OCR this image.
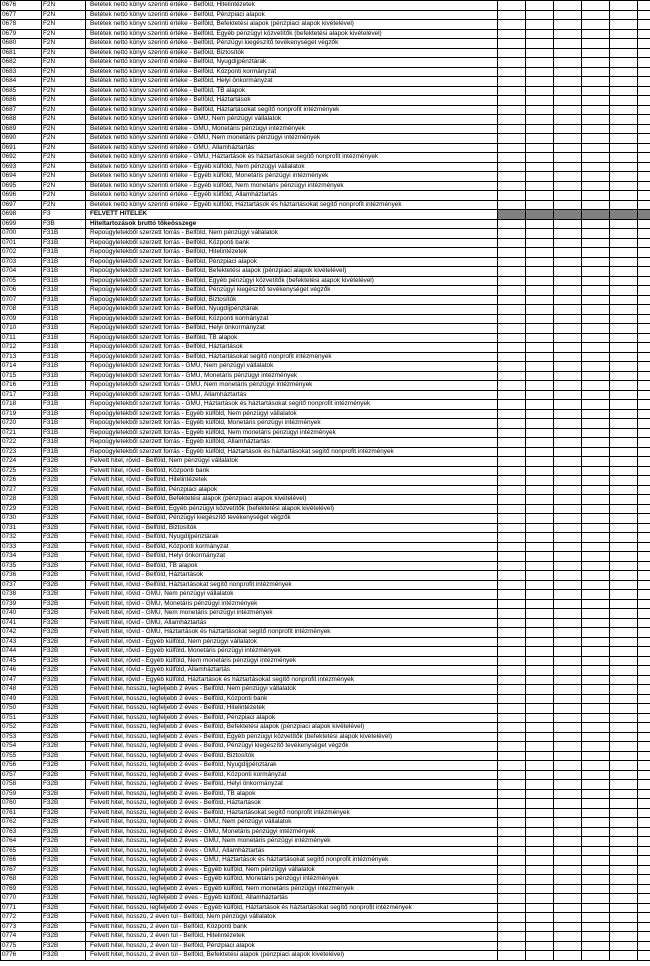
0676	F2N	Betétek nettó könyv szerinti értéke - Belföld, Hitelintézetek						
0677	F2N	Betétek nettó könyv szerinti értéke - Belföld, Pénzpiaci alapok						
0678	F2N	Betétek nettó könyv szerinti értéke - Belföld, Befektetési alapok (pénzpiaci alapok kivételével)						
0679	F2N	Betétek nettó könyv szerinti értéke - Belföld, Egyéb pénzügyi közvetítők (befektetési alapok kivételével)						
0680	F2N	Betétek nettó könyv szerinti értéke - Belföld, Pénzügyi kiegészítő tevékenységet végzők						
0681	F2N	Betétek nettó könyv szerinti értéke - Belföld, Biztosítók						
0682	F2N	Betétek nettó könyv szerinti értéke - Belföld, Nyugdíjpénztárak						
0683	F2N	Betétek nettó könyv szerinti értéke - Belföld, Központi kormányzat						
0684	F2N	Betétek nettó könyv szerinti értéke - Belföld, Helyi önkormányzat						
0685	F2N	Betétek nettó könyv szerinti értéke - Belföld, TB alapok						
0686	F2N	Betétek nettó könyv szerinti értéke - Belföld, Háztartások						
0687	F2N	Betétek nettó könyv szerinti értéke - Belföld, Háztartásokat segítő nonprofit intézmények						
0688	F2N	Betétek nettó könyv szerinti értéke - GMU, Nem pénzügyi vállalatok						
0689	F2N	Betétek nettó könyv szerinti értéke - GMU, Monetáris pénzügyi intézmények						
0690	F2N	Betétek nettó könyv szerinti értéke - GMU, Nem monetáris pénzügyi intézmények						
0691	F2N	Betétek nettó könyv szerinti értéke - GMU, Államháztartás						
0692	F2N	Betétek nettó könyv szerinti értéke - GMU, Háztartások és háztartásokat segítő nonprofit intézmények						
0693	F2N	Betétek nettó könyv szerinti értéke - Egyéb külföld, Nem pénzügyi vállalatok						
0694	F2N	Betétek nettó könyv szerinti értéke - Egyéb külföld, Monetáris pénzügyi intézmények						
0695	F2N	Betétek nettó könyv szerinti értéke - Egyéb külföld, Nem monetáris pénzügyi intézmények						
0696	F2N	Betétek nettó könyv szerinti értéke - Egyéb külföld, Államháztartás						
0697	F2N	Betétek nettó könyv szerinti értéke - Egyéb külföld, Háztartások és háztartásokat segítő nonprofit intézmények						
0698	F3	FELVETT HITELEK						
0699	F3B	Hiteltartozások bruttó tőkeösszege						
0700	F31B	Repoügyletekből szerzett forrás - Belföld, Nem pénzügyi vállalatok						
0701	F31B	Repoügyletekből szerzett forrás - Belföld, Központi bank						
0702	F31B	Repoügyletekből szerzett forrás - Belföld, Hitelintézetek						
0703	F31B	Repoügyletekből szerzett forrás - Belföld, Pénzpiaci alapok						
0704	F31B	Repoügyletekből szerzett forrás - Belföld, Befektetési alapok (pénzpiaci alapok kivételével)						
0705	F31B	Repoügyletekből szerzett forrás - Belföld, Egyéb pénzügyi közvetítők (befektetési alapok kivételével)						
0706	F31B	Repoügyletekből szerzett forrás - Belföld, Pénzügyi kiegészítő tevékenységet végzők						
0707	F31B	Repoügyletekből szerzett forrás - Belföld, Biztosítók						
0708	F31B	Repoügyletekből szerzett forrás - Belföld, Nyugdíjpénztárak						
0709	F31B	Repoügyletekből szerzett forrás - Belföld, Központi kormányzat						
0710	F31B	Repoügyletekből szerzett forrás - Belföld, Helyi önkormányzat						
0711	F31B	Repoügyletekből szerzett forrás - Belföld, TB alapok						
0712	F31B	Repoügyletekből szerzett forrás - Belföld, Háztartások						
0713	F31B	Repoügyletekből szerzett forrás - Belföld, Háztartásokat segítő nonprofit intézmények						
0714	F31B	Repoügyletekből szerzett forrás - GMU, Nem pénzügyi vállalatok						
0715	F31B	Repoügyletekből szerzett forrás - GMU, Monetáris pénzügyi intézmények						
0716	F31B	Repoügyletekből szerzett forrás - GMU, Nem monetáris pénzügyi intézmények						
0717	F31B	Repoügyletekből szerzett forrás - GMU, Államháztartás						
0718	F31B	Repoügyletekből szerzett forrás - GMU, Háztartások és háztartásokat segítő nonprofit intézmények						
0719	F31B	Repoügyletekből szerzett forrás - Egyéb külföld, Nem pénzügyi vállalatok						
0720	F31B	Repoügyletekből szerzett forrás - Egyéb külföld, Monetáris pénzügyi intézmények						
0721	F31B	Repoügyletekből szerzett forrás - Egyéb külföld, Nem monetáris pénzügyi intézmények						
0722	F31B	Repoügyletekből szerzett forrás - Egyéb külföld, Államháztartás						
0723	F31B	Repoügyletekből szerzett forrás - Egyéb külföld, Háztartások és háztartásokat segítő nonprofit intézmények						
0724	F32B	Felvett hitel, rövid - Belföld, Nem pénzügyi vállalatok						
0725	F32B	Felvett hitel, rövid - Belföld, Központi bank						
0726	F32B	Felvett hitel, rövid - Belföld, Hitelintézetek						
0727	F32B	Felvett hitel, rövid - Belföld, Pénzpiaci alapok						
0728	F32B	Felvett hitel, rövid - Belföld, Befektetési alapok (pénzpiaci alapok kivételével)						
0729	F32B	Felvett hitel, rövid - Belföld, Egyéb pénzügyi közvetítők (befektetési alapok kivételével)						
0730	F32B	Felvett hitel, rövid - Belföld, Pénzügyi kiegészítő tevékenységet végzők						
0731	F32B	Felvett hitel, rövid - Belföld, Biztosítók						
0732	F32B	Felvett hitel, rövid - Belföld, Nyugdíjpénztárak						
0733	F32B	Felvett hitel, rövid - Belföld, Központi kormányzat						
0734	F32B	Felvett hitel, rövid - Belföld, Helyi önkormányzat						
0735	F32B	Felvett hitel, rövid - Belföld, TB alapok						
0736	F32B	Felvett hitel, rövid - Belföld, Háztartások						
0737	F32B	Felvett hitel, rövid - Belföld, Háztartásokat segítő nonprofit intézmények						
0738	F32B	Felvett hitel, rövid - GMU, Nem pénzügyi vállalatok						
0739	F32B	Felvett hitel, rövid - GMU, Monetáris pénzügyi intézmények						
0740	F32B	Felvett hitel, rövid - GMU, Nem monetáris pénzügyi intézmények						
0741	F32B	Felvett hitel, rövid - GMU, Államháztartás						
0742	F32B	Felvett hitel, rövid - GMU, Háztartások és háztartásokat segítő nonprofit intézmények						
0743	F32B	Felvett hitel, rövid - Egyéb külföld, Nem pénzügyi vállalatok						
0744	F32B	Felvett hitel, rövid - Egyéb külföld, Monetáris pénzügyi intézmények						
0745	F32B	Felvett hitel, rövid - Egyéb külföld, Nem monetáris pénzügyi intézmények						
0746	F32B	Felvett hitel, rövid - Egyéb külföld, Államháztartás						
0747	F32B	Felvett hitel, rövid - Egyéb külföld, Háztartások és háztartásokat segítő nonprofit intézmények						
0748	F32B	Felvett hitel, hosszú, legfeljebb 2 éves - Belföld, Nem pénzügyi vállalatok						
0749	F32B	Felvett hitel, hosszú, legfeljebb 2 éves - Belföld, Központi bank						
0750	F32B	Felvett hitel, hosszú, legfeljebb 2 éves - Belföld, Hitelintézetek						
0751	F32B	Felvett hitel, hosszú, legfeljebb 2 éves - Belföld, Pénzpiaci alapok						
0752	F32B	Felvett hitel, hosszú, legfeljebb 2 éves - Belföld, Befektetési alapok (pénzpiaci alapok kivételével)						
0753	F32B	Felvett hitel, hosszú, legfeljebb 2 éves - Belföld, Egyéb pénzügyi közvetítők (befektetési alapok kivételével)						
0754	F32B	Felvett hitel, hosszú, legfeljebb 2 éves - Belföld, Pénzügyi kiegészítő tevékenységet végzők						
0755	F32B	Felvett hitel, hosszú, legfeljebb 2 éves - Belföld, Biztosítók						
0756	F32B	Felvett hitel, hosszú, legfeljebb 2 éves - Belföld, Nyugdíjpénztárak						
0757	F32B	Felvett hitel, hosszú, legfeljebb 2 éves - Belföld, Központi kormányzat						
0758	F32B	Felvett hitel, hosszú, legfeljebb 2 éves - Belföld, Helyi önkormányzat						
0759	F32B	Felvett hitel, hosszú, legfeljebb 2 éves - Belföld, TB alapok						
0760	F32B	Felvett hitel, hosszú, legfeljebb 2 éves - Belföld, Háztartások						
0761	F32B	Felvett hitel, hosszú, legfeljebb 2 éves - Belföld, Háztartásokat segítő nonprofit intézmények						
0762	F32B	Felvett hitel, hosszú, legfeljebb 2 éves - GMU, Nem pénzügyi vállalatok						
0763	F32B	Felvett hitel, hosszú, legfeljebb 2 éves - GMU, Monetáris pénzügyi intézmények						
0764	F32B	Felvett hitel, hosszú, legfeljebb 2 éves - GMU, Nem monetáris pénzügyi intézmények						
0765	F32B	Felvett hitel, hosszú, legfeljebb 2 éves - GMU, Államháztartás						
0766	F32B	Felvett hitel, hosszú, legfeljebb 2 éves - GMU, Háztartások és háztartásokat segítő nonprofit intézmények						
0767	F32B	Felvett hitel, hosszú, legfeljebb 2 éves - Egyéb külföld, Nem pénzügyi vállalatok						
0768	F32B	Felvett hitel, hosszú, legfeljebb 2 éves - Egyéb külföld, Monetáris pénzügyi intézmények						
0769	F32B	Felvett hitel, hosszú, legfeljebb 2 éves - Egyéb külföld, Nem monetáris pénzügyi intézmények						
0770	F32B	Felvett hitel, hosszú, legfeljebb 2 éves - Egyéb külföld, Államháztartás						
0771	F32B	Felvett hitel, hosszú, legfeljebb 2 éves - Egyéb külföld, Háztartások és háztartásokat segítő nonprofit intézmények						
0772	F32B	Felvett hitel, hosszú, 2 éven túl - Belföld, Nem pénzügyi vállalatok						
0773	F32B	Felvett hitel, hosszú, 2 éven túl - Belföld, Központi bank						
0774	F32B	Felvett hitel, hosszú, 2 éven túl - Belföld, Hitelintézetek						
0775	F32B	Felvett hitel, hosszú, 2 éven túl - Belföld, Pénzpiaci alapok						
0776	F32B	Felvett hitel, hosszú, 2 éven túl - Belföld, Befektetési alapok (pénzpiaci alapok kivételével)						
